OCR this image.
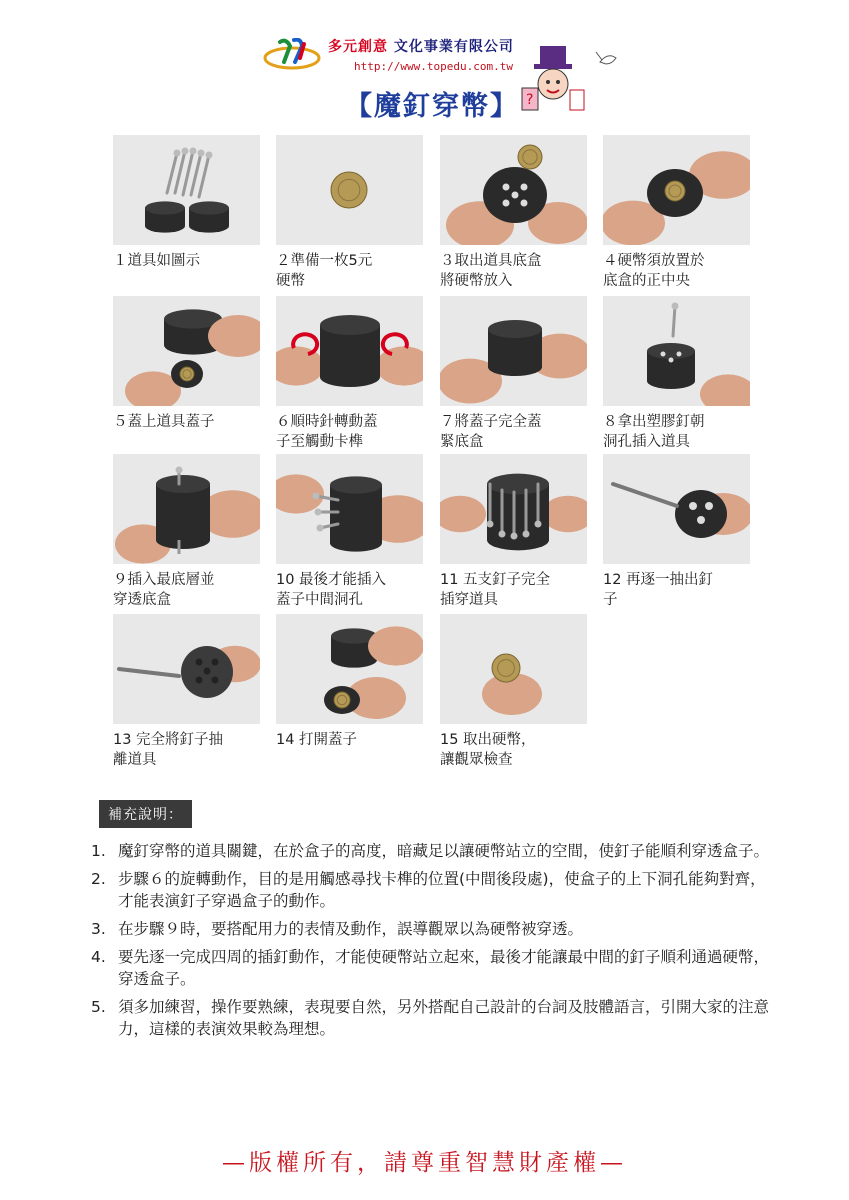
多元創意 文化事業有限公司
http://www.topedu.com.tw
?
【魔釘穿幣】
１道具如圖示	２準備一枚5元
硬幣
３取出道具底盒
將硬幣放入
４硬幣須放置於
底盒的正中央
５蓋上道具蓋子	６順時針轉動蓋
子至觸動卡榫
７將蓋子完全蓋
緊底盒
８拿出塑膠釘朝
洞孔插入道具
９插入最底層並
穿透底盒
10 最後才能插入
蓋子中間洞孔
11 五支釘子完全
插穿道具
12 再逐一抽出釘
子
13 完全將釘子抽
離道具
14 打開蓋子	15 取出硬幣，
讓觀眾檢查
補充說明：
1. 魔釘穿幣的道具關鍵，在於盒子的高度，暗藏足以讓硬幣站立的空間，使釘子能順利穿透盒子。
2. 步驟６的旋轉動作，目的是用觸感尋找卡榫的位置(中間後段處)，使盒子的上下洞孔能夠對齊，才能表演釘子穿過盒子的動作。
3. 在步驟９時，要搭配用力的表情及動作，誤導觀眾以為硬幣被穿透。
4. 要先逐一完成四周的插釘動作，才能使硬幣站立起來，最後才能讓最中間的釘子順利通過硬幣，穿透盒子。
5. 須多加練習，操作要熟練，表現要自然，另外搭配自己設計的台詞及肢體語言，引開大家的注意力，這樣的表演效果較為理想。
—版權所有，請尊重智慧財產權—
